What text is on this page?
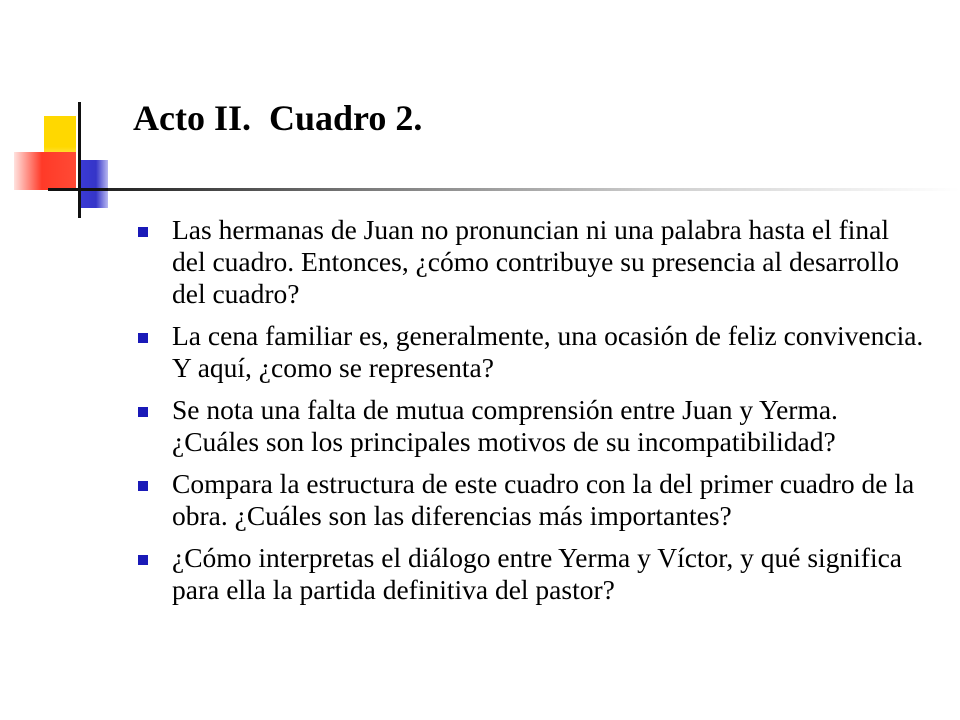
Acto II.  Cuadro 2.
Las hermanas de Juan no pronuncian ni una palabra hasta el final del cuadro. Entonces, ¿cómo contribuye su presencia al desarrollo del cuadro?
La cena familiar es, generalmente, una ocasión de feliz convivencia. Y aquí, ¿como se representa?
Se nota una falta de mutua comprensión entre Juan y Yerma. ¿Cuáles son los principales motivos de su incompatibilidad?
Compara la estructura de este cuadro con la del primer cuadro de la obra. ¿Cuáles son las diferencias más importantes?
¿Cómo interpretas el diálogo entre Yerma y Víctor, y qué significa para ella la partida definitiva del pastor?
